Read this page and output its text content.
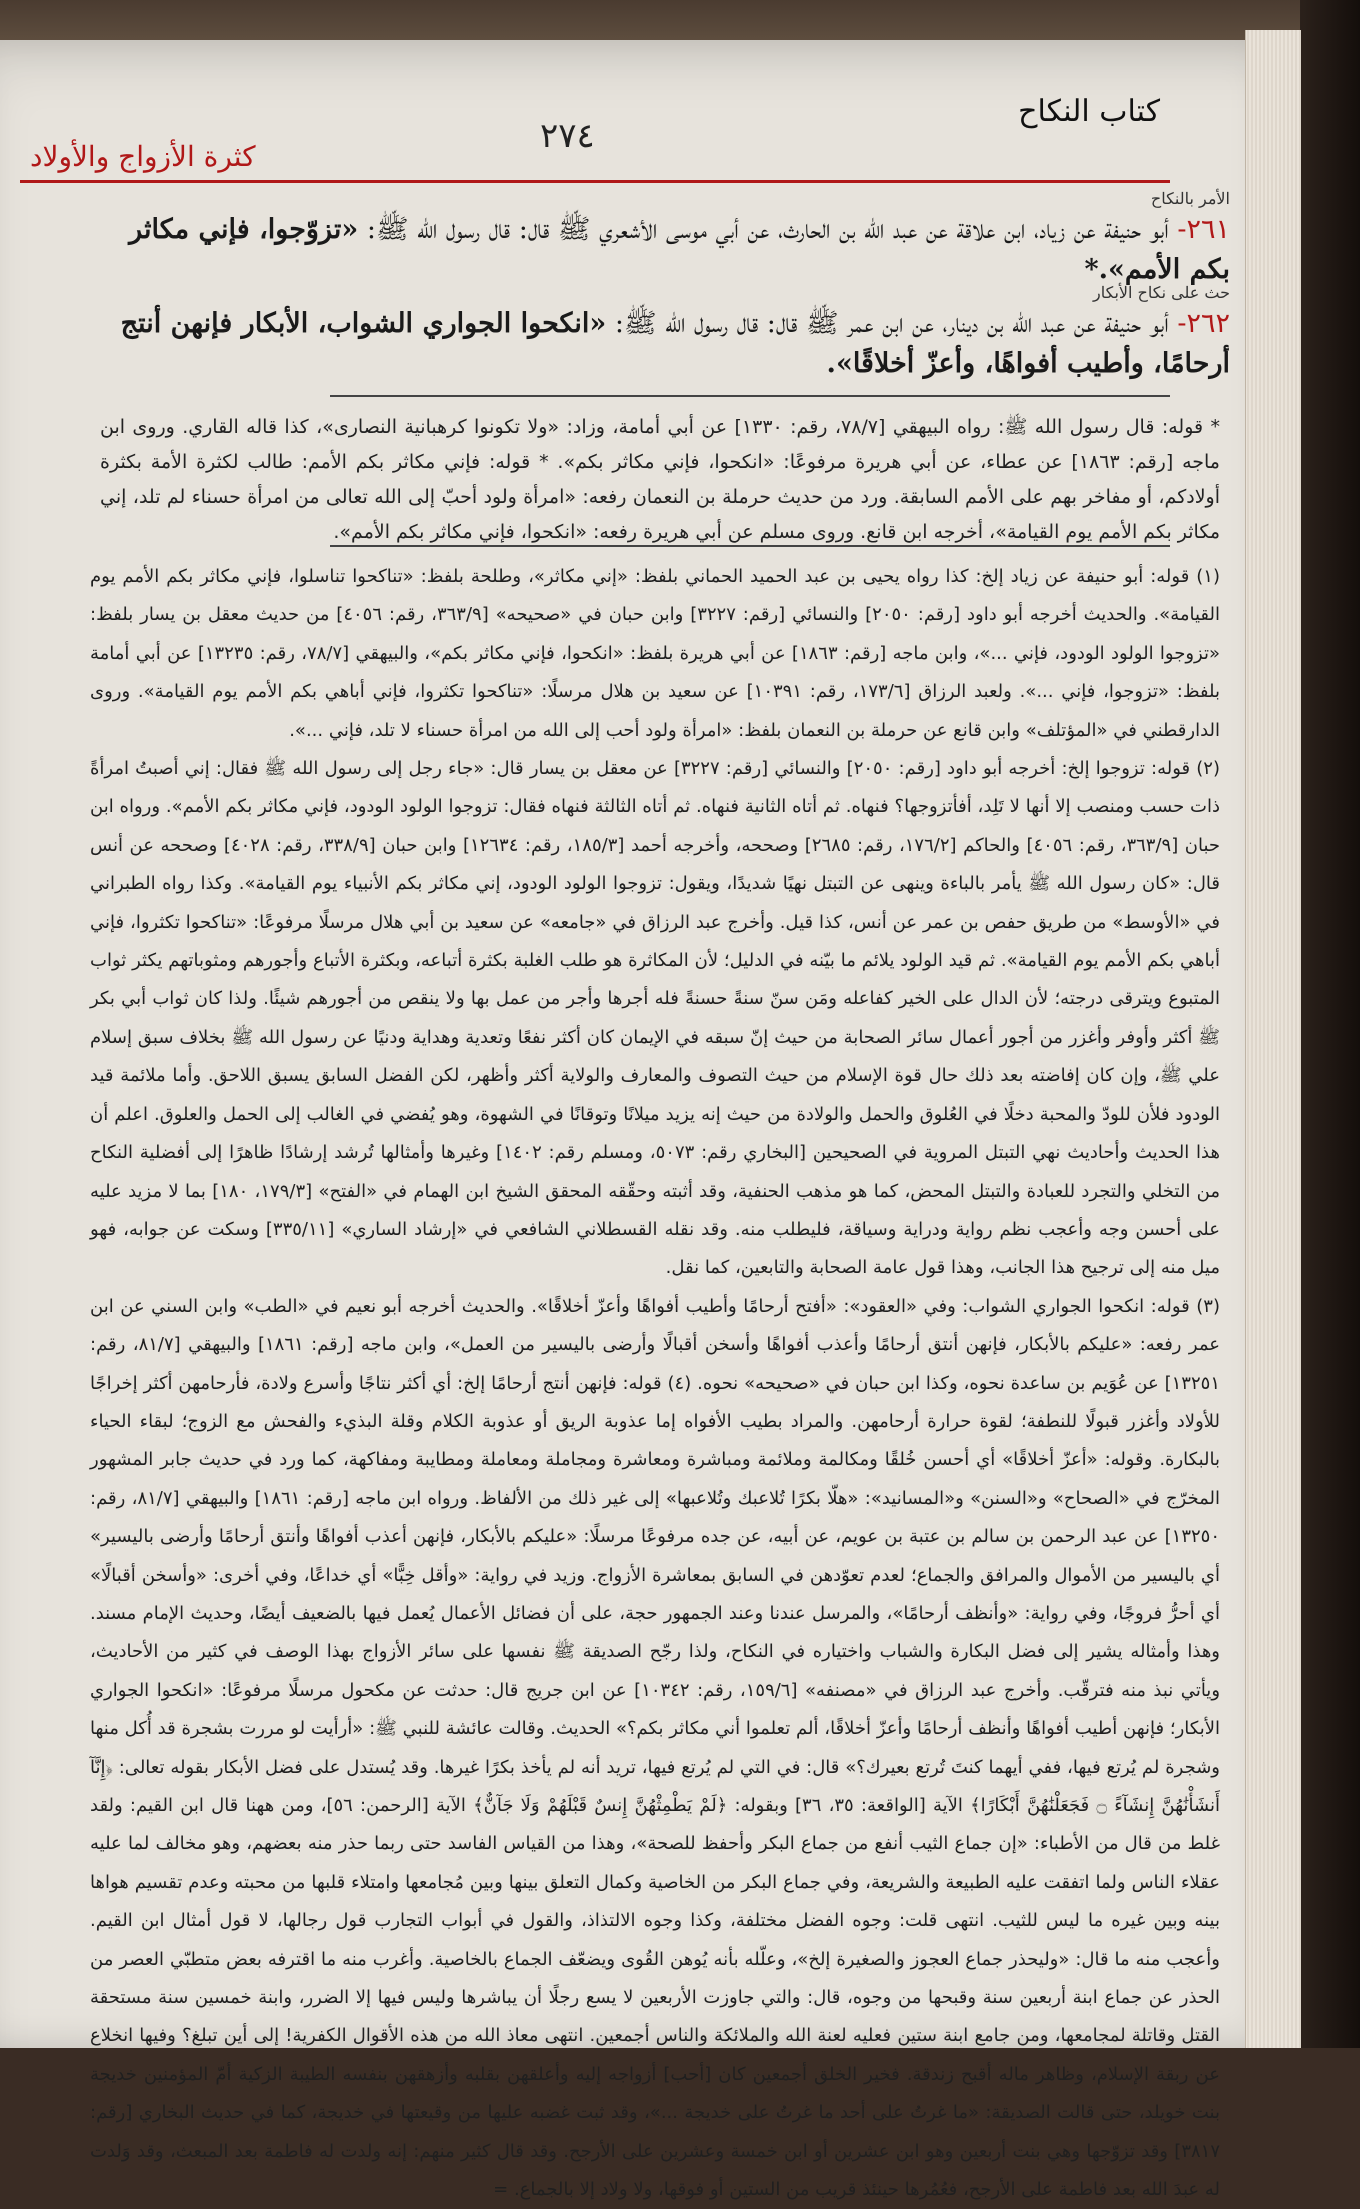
كتاب النكاح
٢٧٤
كثرة الأزواج والأولاد
الأمر بالنكاح
٢٦١- أبو حنيفة عن زياد، ابن علاقة عن عبد الله بن الحارث، عن أبي موسى الأشعري ﷺ قال: قال رسول الله ﷺ: «تزوّجوا، فإني مكاثر بكم الأمم».*
حث على نكاح الأبكار
٢٦٢- أبو حنيفة عن عبد الله بن دينار، عن ابن عمر ﷺ قال: قال رسول الله ﷺ: «انكحوا الجواري الشواب، الأبكار فإنهن أنتج أرحامًا، وأطيب أفواهًا، وأعزّ أخلاقًا».
* قوله: قال رسول الله ﷺ: رواه البيهقي [٧٨/٧، رقم: ١٣٣٠] عن أبي أمامة، وزاد: «ولا تكونوا كرهبانية النصارى»، كذا قاله القاري. وروى ابن ماجه [رقم: ١٨٦٣] عن عطاء، عن أبي هريرة مرفوعًا: «انكحوا، فإني مكاثر بكم». * قوله: فإني مكاثر بكم الأمم: طالب لكثرة الأمة بكثرة أولادكم، أو مفاخر بهم على الأمم السابقة. ورد من حديث حرملة بن النعمان رفعه: «امرأة ولود أحبّ إلى الله تعالى من امرأة حسناء لم تلد، إني مكاثر بكم الأمم يوم القيامة»، أخرجه ابن قانع. وروى مسلم عن أبي هريرة رفعه: «انكحوا، فإني مكاثر بكم الأمم».

(١) قوله: أبو حنيفة عن زياد إلخ: كذا رواه يحيى بن عبد الحميد الحماني بلفظ: «إني مكاثر»، وطلحة بلفظ: «تناكحوا تناسلوا، فإني مكاثر بكم الأمم يوم القيامة». والحديث أخرجه أبو داود [رقم: ٢٠٥٠] والنسائي [رقم: ٣٢٢٧] وابن حبان في «صحيحه» [٣٦٣/٩، رقم: ٤٠٥٦] من حديث معقل بن يسار بلفظ: «تزوجوا الولود الودود، فإني ...»، وابن ماجه [رقم: ١٨٦٣] عن أبي هريرة بلفظ: «انكحوا، فإني مكاثر بكم»، والبيهقي [٧٨/٧، رقم: ١٣٢٣٥] عن أبي أمامة بلفظ: «تزوجوا، فإني ...». ولعبد الرزاق [١٧٣/٦، رقم: ١٠٣٩١] عن سعيد بن هلال مرسلًا: «تناكحوا تكثروا، فإني أباهي بكم الأمم يوم القيامة». وروى الدارقطني في «المؤتلف» وابن قانع عن حرملة بن النعمان بلفظ: «امرأة ولود أحب إلى الله من امرأة حسناء لا تلد، فإني ...».

(٢) قوله: تزوجوا إلخ: أخرجه أبو داود [رقم: ٢٠٥٠] والنسائي [رقم: ٣٢٢٧] عن معقل بن يسار قال: «جاء رجل إلى رسول الله ﷺ فقال: إني أصبتُ امرأةً ذات حسب ومنصب إلا أنها لا تَلِد، أفأتزوجها؟ فنهاه. ثم أتاه الثانية فنهاه. ثم أتاه الثالثة فنهاه فقال: تزوجوا الولود الودود، فإني مكاثر بكم الأمم». ورواه ابن حبان [٣٦٣/٩، رقم: ٤٠٥٦] والحاكم [١٧٦/٢، رقم: ٢٦٨٥] وصححه، وأخرجه أحمد [١٨٥/٣، رقم: ١٢٦٣٤] وابن حبان [٣٣٨/٩، رقم: ٤٠٢٨] وصححه عن أنس قال: «كان رسول الله ﷺ يأمر بالباءة وينهى عن التبتل نهيًا شديدًا، ويقول: تزوجوا الولود الودود، إني مكاثر بكم الأنبياء يوم القيامة». وكذا رواه الطبراني في «الأوسط» من طريق حفص بن عمر عن أنس، كذا قيل. وأخرج عبد الرزاق في «جامعه» عن سعيد بن أبي هلال مرسلًا مرفوعًا: «تناكحوا تكثروا، فإني أباهي بكم الأمم يوم القيامة». ثم قيد الولود يلائم ما بيّنه في الدليل؛ لأن المكاثرة هو طلب الغلبة بكثرة أتباعه، وبكثرة الأتباع وأجورهم ومثوباتهم يكثر ثواب المتبوع ويترقى درجته؛ لأن الدال على الخير كفاعله ومَن سنّ سنةً حسنةً فله أجرها وأجر من عمل بها ولا ينقص من أجورهم شيئًا. ولذا كان ثواب أبي بكر ﷺ أكثر وأوفر وأغزر من أجور أعمال سائر الصحابة من حيث إنّ سبقه في الإيمان كان أكثر نفعًا وتعدية وهداية ودنيًا عن رسول الله ﷺ بخلاف سبق إسلام علي ﷺ، وإن كان إفاضته بعد ذلك حال قوة الإسلام من حيث التصوف والمعارف والولاية أكثر وأظهر، لكن الفضل السابق يسبق اللاحق. وأما ملائمة قيد الودود فلأن للودّ والمحبة دخلًا في العُلوق والحمل والولادة من حيث إنه يزيد ميلانًا وتوقانًا في الشهوة، وهو يُفضي في الغالب إلى الحمل والعلوق. اعلم أن هذا الحديث وأحاديث نهي التبتل المروية في الصحيحين [البخاري رقم: ٥٠٧٣، ومسلم رقم: ١٤٠٢] وغيرها وأمثالها تُرشد إرشادًا ظاهرًا إلى أفضلية النكاح من التخلي والتجرد للعبادة والتبتل المحض، كما هو مذهب الحنفية، وقد أثبته وحقّقه المحقق الشيخ ابن الهمام في «الفتح» [١٧٩/٣، ١٨٠] بما لا مزيد عليه على أحسن وجه وأعجب نظم رواية ودراية وسياقة، فليطلب منه. وقد نقله القسطلاني الشافعي في «إرشاد الساري» [٣٣٥/١١] وسكت عن جوابه، فهو ميل منه إلى ترجيح هذا الجانب، وهذا قول عامة الصحابة والتابعين، كما نقل.

(٣) قوله: انكحوا الجواري الشواب: وفي «العقود»: «أفتح أرحامًا وأطيب أفواهًا وأعزّ أخلاقًا». والحديث أخرجه أبو نعيم في «الطب» وابن السني عن ابن عمر رفعه: «عليكم بالأبكار، فإنهن أنتق أرحامًا وأعذب أفواهًا وأسخن أقبالًا وأرضى باليسير من العمل»، وابن ماجه [رقم: ١٨٦١] والبيهقي [٨١/٧، رقم: ١٣٢٥١] عن عُوَيم بن ساعدة نحوه، وكذا ابن حبان في «صحيحه» نحوه. (٤) قوله: فإنهن أنتج أرحامًا إلخ: أي أكثر نتاجًا وأسرع ولادة، فأرحامهن أكثر إخراجًا للأولاد وأغزر قبولًا للنطفة؛ لقوة حرارة أرحامهن. والمراد بطيب الأفواه إما عذوبة الريق أو عذوبة الكلام وقلة البذيء والفحش مع الزوج؛ لبقاء الحياء بالبكارة. وقوله: «أعزّ أخلاقًا» أي أحسن خُلقًا ومكالمة وملائمة ومباشرة ومعاشرة ومجاملة ومعاملة ومطايبة ومفاكهة، كما ورد في حديث جابر المشهور المخرّج في «الصحاح» و«السنن» و«المسانيد»: «هلّا بكرًا تُلاعبك وتُلاعبها» إلى غير ذلك من الألفاظ. ورواه ابن ماجه [رقم: ١٨٦١] والبيهقي [٨١/٧، رقم: ١٣٢٥٠] عن عبد الرحمن بن سالم بن عتبة بن عويم، عن أبيه، عن جده مرفوعًا مرسلًا: «عليكم بالأبكار، فإنهن أعذب أفواهًا وأنتق أرحامًا وأرضى باليسير» أي باليسير من الأموال والمرافق والجماع؛ لعدم تعوّدهن في السابق بمعاشرة الأزواج. وزيد في رواية: «وأقل خِبًّا» أي خداعًا، وفي أخرى: «وأسخن أقبالًا» أي أحرُّ فروجًا، وفي رواية: «وأنظف أرحامًا»، والمرسل عندنا وعند الجمهور حجة، على أن فضائل الأعمال يُعمل فيها بالضعيف أيضًا، وحديث الإمام مسند. وهذا وأمثاله يشير إلى فضل البكارة والشباب واختياره في النكاح، ولذا رجّح الصديقة ﷺ نفسها على سائر الأزواج بهذا الوصف في كثير من الأحاديث، ويأتي نبذ منه فترقّب. وأخرج عبد الرزاق في «مصنفه» [١٥٩/٦، رقم: ١٠٣٤٢] عن ابن جريج قال: حدثت عن مكحول مرسلًا مرفوعًا: «انكحوا الجواري الأبكار؛ فإنهن أطيب أفواهًا وأنظف أرحامًا وأعزّ أخلاقًا، ألم تعلموا أني مكاثر بكم؟» الحديث. وقالت عائشة للنبي ﷺ: «أرأيت لو مررت بشجرة قد أُكل منها وشجرة لم يُرتع فيها، ففي أيهما كنتَ تُرتع بعيرك؟» قال: في التي لم يُرتع فيها، تريد أنه لم يأخذ بكرًا غيرها. وقد يُستدل على فضل الأبكار بقوله تعالى: ﴿إِنَّآ أَنشَأْنَٰهُنَّ إِنشَآءً ۝ فَجَعَلْنَٰهُنَّ أَبْكَارًا﴾ الآية [الواقعة: ٣٥، ٣٦] وبقوله: ﴿لَمْ يَطْمِثْهُنَّ إِنسٌ قَبْلَهُمْ وَلَا جَآنٌّ﴾ الآية [الرحمن: ٥٦]، ومن ههنا قال ابن القيم: ولقد غلط من قال من الأطباء: «إن جماع الثيب أنفع من جماع البكر وأحفظ للصحة»، وهذا من القياس الفاسد حتى ربما حذر منه بعضهم، وهو مخالف لما عليه عقلاء الناس ولما اتفقت عليه الطبيعة والشريعة، وفي جماع البكر من الخاصية وكمال التعلق بينها وبين مُجامعها وامتلاء قلبها من محبته وعدم تقسيم هواها بينه وبين غيره ما ليس للثيب. انتهى قلت: وجوه الفضل مختلفة، وكذا وجوه الالتذاذ، والقول في أبواب التجارب قول رجالها، لا قول أمثال ابن القيم. وأعجب منه ما قال: «وليحذر جماع العجوز والصغيرة إلخ»، وعلّله بأنه يُوهن القُوى ويضعّف الجماع بالخاصية. وأغرب منه ما اقترفه بعض متطبّي العصر من الحذر عن جماع ابنة أربعين سنة وقبحها من وجوه، قال: والتي جاوزت الأربعين لا يسع رجلًا أن يباشرها وليس فيها إلا الضرر، وابنة خمسين سنة مستحقة القتل وقاتلة لمجامعها، ومن جامع ابنة ستين فعليه لعنة الله والملائكة والناس أجمعين. انتهى معاذ الله من هذه الأقوال الكفرية! إلى أين تبلغ؟ وفيها انخلاع عن ربقة الإسلام، وظاهر ماله أقبح زندقة. فخير الخلق أجمعين كان [أحب] أزواجه إليه وأعلقهن بقلبه وأزهقهن بنفسه الطيبة الزكية أمّ المؤمنين خديجة بنت خويلد، حتى قالت الصديقة: «ما غرتُ على أحد ما غرتُ على خديجة ...»، وقد ثبت غضبه عليها من وقيعتها في خديجة، كما في حديث البخاري [رقم: ٣٨١٧] وقد تزوّجها وهي بنت أربعين وهو ابن عشرين أو ابن خمسة وعشرين على الأرجح. وقد قال كثير منهم: إنه ولدت له فاطمة بعد المبعث، وقد وَلدت له عبدَ الله بعد فاطمة على الأرجح، فعُمُرها حينئذ قريب من الستين أو فوقها، ولا ولاد إلا بالجماع. =
